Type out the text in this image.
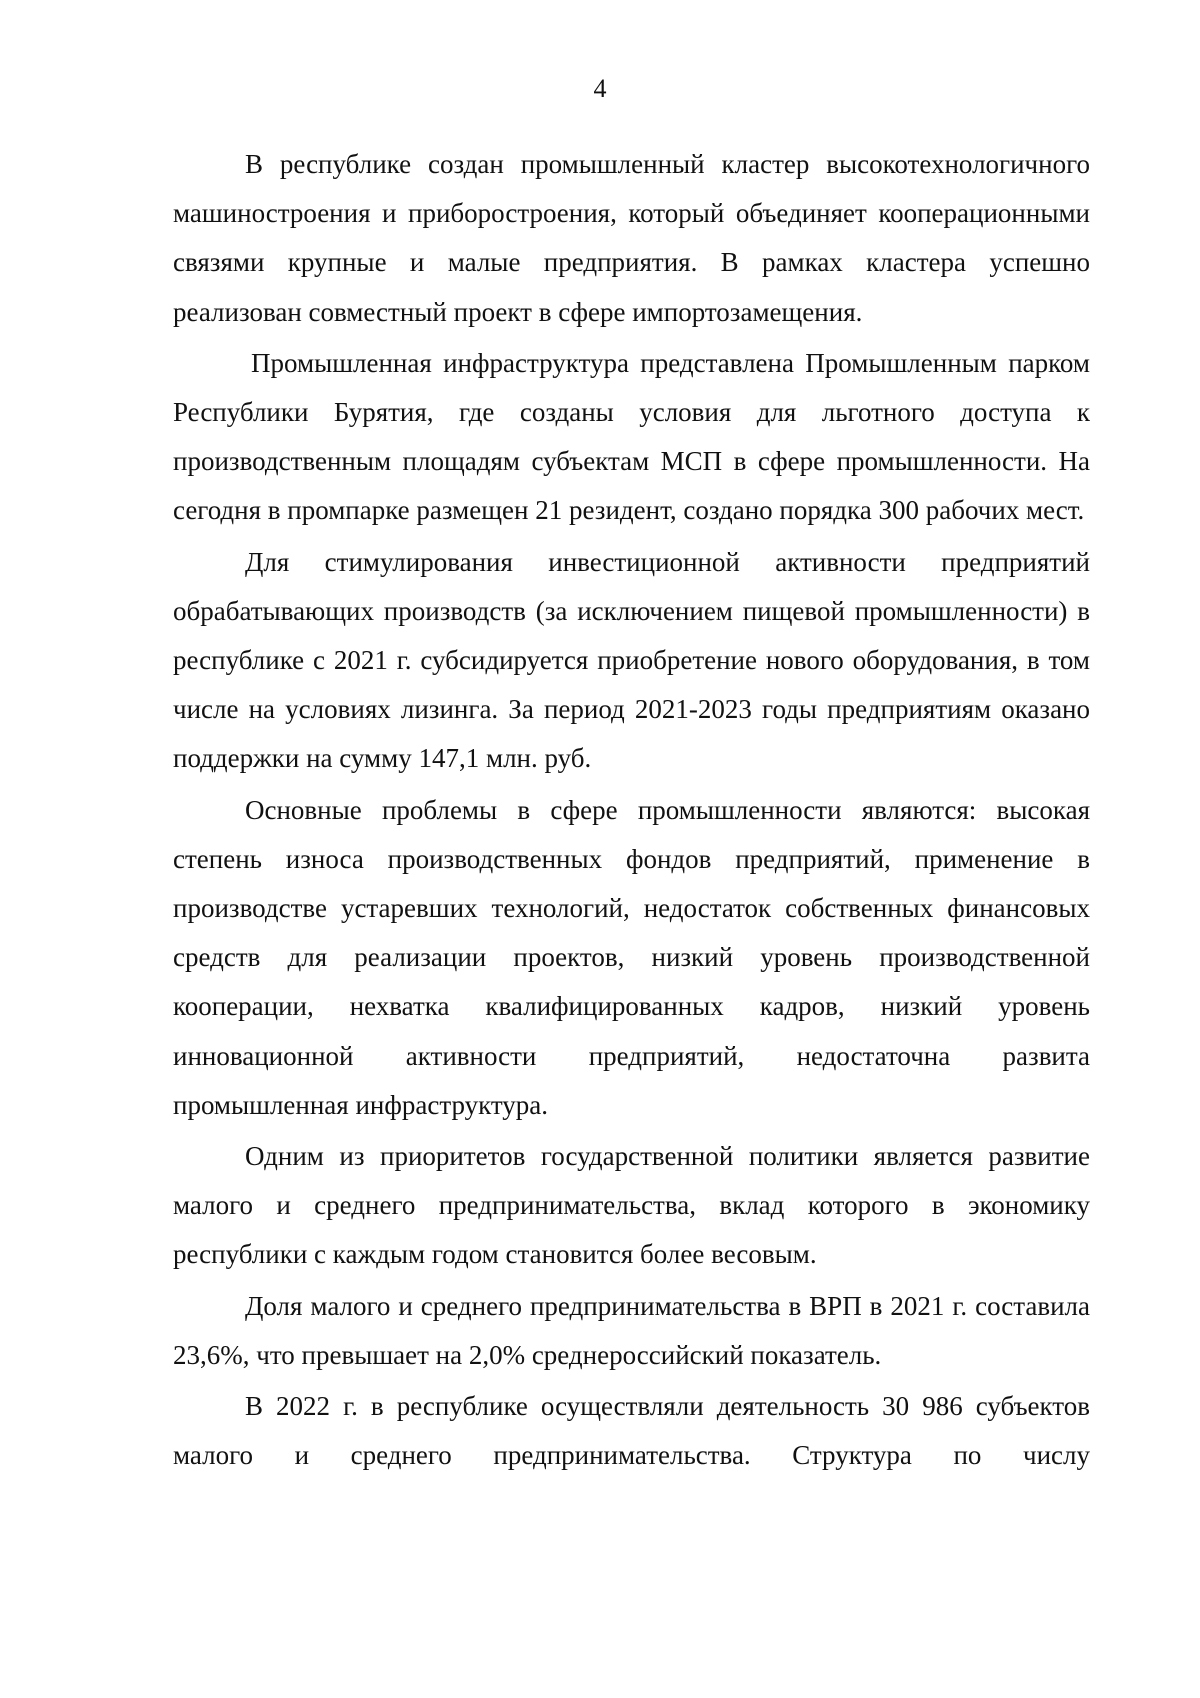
4

В республике создан промышленный кластер высокотехнологичного машиностроения и приборостроения, который объединяет кооперационными связями крупные и малые предприятия. В рамках кластера успешно реализован совместный проект в сфере импортозамещения.

Промышленная инфраструктура представлена Промышленным парком Республики Бурятия, где созданы условия для льготного доступа к производственным площадям субъектам МСП в сфере промышленности. На сегодня в промпарке размещен 21 резидент, создано порядка 300 рабочих мест.

Для стимулирования инвестиционной активности предприятий обрабатывающих производств (за исключением пищевой промышленности) в республике с 2021 г. субсидируется приобретение нового оборудования, в том числе на условиях лизинга. За период 2021-2023 годы предприятиям оказано поддержки на сумму 147,1 млн. руб.

Основные проблемы в сфере промышленности являются: высокая степень износа производственных фондов предприятий, применение в производстве устаревших технологий, недостаток собственных финансовых средств для реализации проектов, низкий уровень производственной кооперации, нехватка квалифицированных кадров, низкий уровень инновационной активности предприятий, недостаточна развита промышленная инфраструктура.

Одним из приоритетов государственной политики является развитие малого и среднего предпринимательства, вклад которого в экономику республики с каждым годом становится более весовым.

Доля малого и среднего предпринимательства в ВРП в 2021 г. составила 23,6%, что превышает на 2,0% среднероссийский показатель.

В 2022 г. в республике осуществляли деятельность 30 986 субъектов малого и среднего предпринимательства. Структура по числу
